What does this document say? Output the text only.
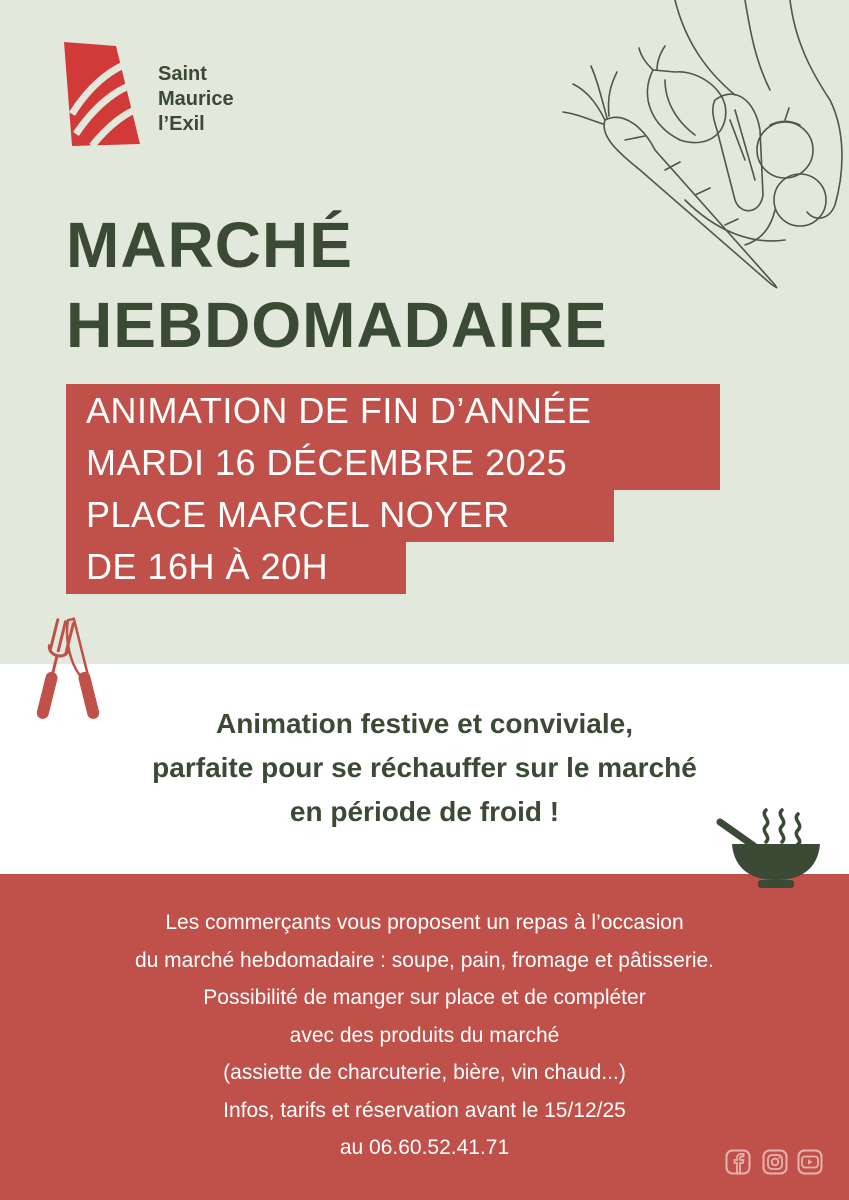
Saint
Maurice
l’Exil
MARCHÉ
HEBDOMADAIRE
ANIMATION DE FIN D’ANNÉE
MARDI 16 DÉCEMBRE 2025
PLACE MARCEL NOYER
DE 16H À 20H
Animation festive et conviviale,
parfaite pour se réchauffer sur le marché
en période de froid !
Les commerçants vous proposent un repas à l’occasion
du marché hebdomadaire : soupe, pain, fromage et pâtisserie.
Possibilité de manger sur place et de compléter
avec des produits du marché
(assiette de charcuterie, bière, vin chaud...)
Infos, tarifs et réservation avant le 15/12/25
au 06.60.52.41.71
